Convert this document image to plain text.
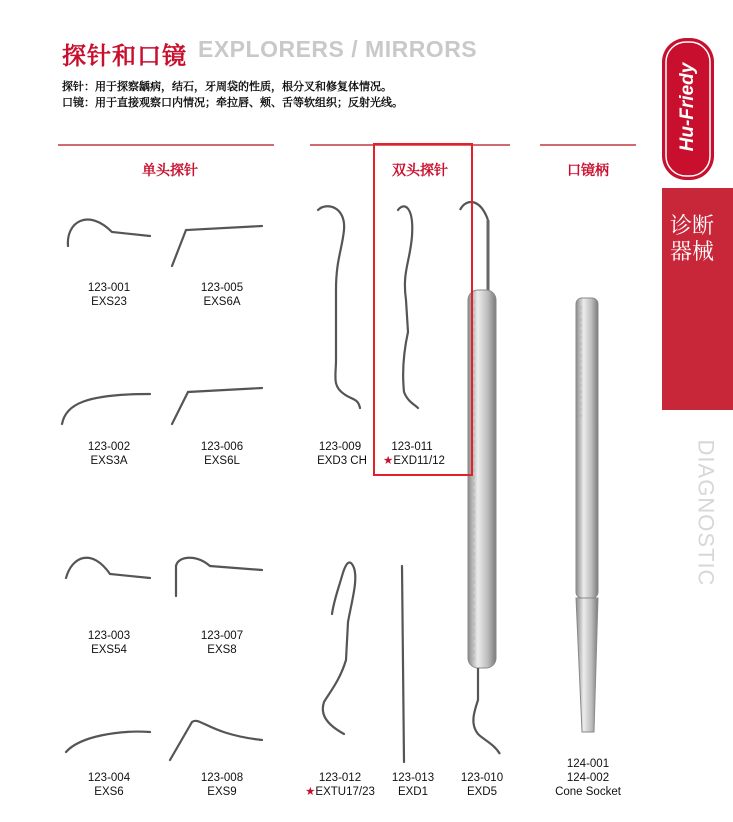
探针和口镜 EXPLORERS / MIRRORS
探针：用于探察龋病，结石，牙周袋的性质，根分叉和修复体情况。
口镜：用于直接观察口内情况；牵拉唇、颊、舌等软组织；反射光线。
单头探针	双头探针	口镜柄
123-001
EXS23
123-005
EXS6A
123-002
EXS3A
123-006
EXS6L
123-003
EXS54
123-007
EXS8
123-004
EXS6
123-008
EXS9
123-009
EXD3 CH
123-011
★EXD11/12
123-012
★EXTU17/23
123-013
EXD1
123-010
EXD5
124-001
124-002
Cone Socket
Hu-Friedy
诊断器械
DIAGNOSTIC
